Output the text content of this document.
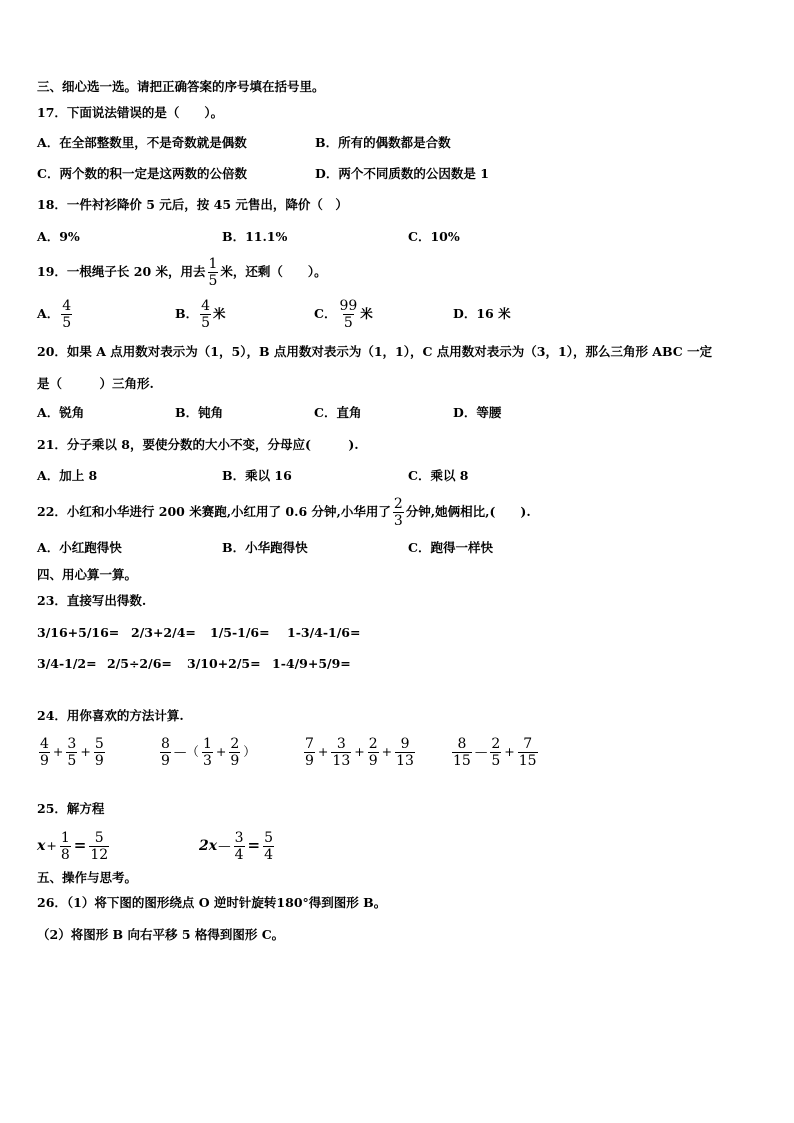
三、细心选一选。请把正确答案的序号填在括号里。
17．下面说法错误的是（　　）。
A．在全部整数里，不是奇数就是偶数	B．所有的偶数都是合数
C．两个数的积一定是这两数的公倍数	D．两个不同质数的公因数是 1
18．一件衬衫降价 5 元后，按 45 元售出，降价（　）
A．9%	B．11.1%	C．10%
19．一根绳子长 20 米，用去 $\frac{1}{5}$ 米，还剩（　　）。
A． $\frac{4}{5}$	B． $\frac{4}{5}$ 米	C． $\frac{99}{5}$ 米	D．16 米
20．如果 A 点用数对表示为（1，5），B 点用数对表示为（1，1），C 点用数对表示为（3，1），那么三角形 ABC 一定
是（　　　）三角形.
A．锐角	B．钝角	C．直角	D．等腰
21．分子乘以 8，要使分数的大小不变，分母应(　　　).
A．加上 8	B．乘以 16	C．乘以 8
22．小红和小华进行 200 米赛跑,小红用了 0.6 分钟,小华用了 $\frac{2}{3}$ 分钟,她俩相比,(　　).
A．小红跑得快	B．小华跑得快	C．跑得一样快
四、用心算一算。
23．直接写出得数.
3/16+5/16= 2/3+2/4= 1/5-1/6= 1-3/4-1/6=
3/4-1/2= 2/5÷2/6= 3/10+2/5= 1-4/9+5/9=
24．用你喜欢的方法计算.
$\frac{4}{9} + \frac{3}{5} + \frac{5}{9}$	$\frac{8}{9}$ —（ $\frac{1}{3} + \frac{2}{9}$ ）	$\frac{7}{9} + \frac{3}{13} + \frac{2}{9} + \frac{9}{13}$	$\frac{8}{15}$ — $\frac{2}{5} + \frac{7}{15}$
25．解方程
$x+ \frac{1}{8} = \frac{5}{12}$	2x— $\frac{3}{4} = \frac{5}{4}$
五、操作与思考。
26．（1）将下图的图形绕点 O 逆时针旋转180°得到图形 B。
（2）将图形 B 向右平移 5 格得到图形 C。
